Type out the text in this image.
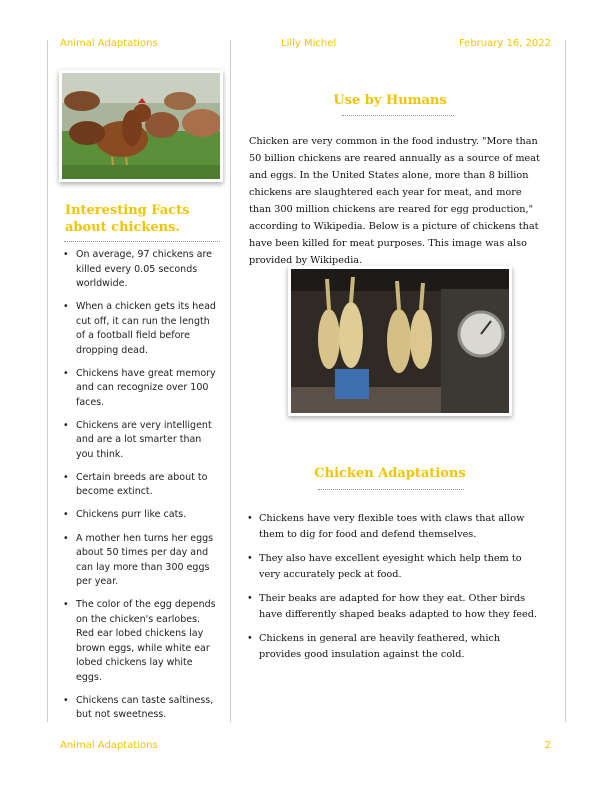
Animal Adaptations	Lilly Michel	February 16, 2022
Interesting Facts about chickens.
• On average, 97 chickens are killed every 0.05 seconds worldwide.
• When a chicken gets its head cut off, it can run the length of a football field before dropping dead.
• Chickens have great memory and can recognize over 100 faces.
• Chickens are very intelligent and are a lot smarter than you think.
• Certain breeds are about to become extinct.
• Chickens purr like cats.
• A mother hen turns her eggs about 50 times per day and can lay more than 300 eggs per year.
• The color of the egg depends on the chicken's earlobes. Red ear lobed chickens lay brown eggs, while white ear lobed chickens lay white eggs.
• Chickens can taste saltiness, but not sweetness.
Use by Humans

Chicken are very common in the food industry. "More than 50 billion chickens are reared annually as a source of meat and eggs. In the United States alone, more than 8 billion chickens are slaughtered each year for meat, and more than 300 million chickens are reared for egg production," according to Wikipedia. Below is a picture of chickens that have been killed for meat purposes. This image was also provided by Wikipedia.

Chicken Adaptations
• Chickens have very flexible toes with claws that allow them to dig for food and defend themselves.
• They also have excellent eyesight which help them to very accurately peck at food.
• Their beaks are adapted for how they eat. Other birds have differently shaped beaks adapted to how they feed.
• Chickens in general are heavily feathered, which provides good insulation against the cold.
Animal Adaptations	2
